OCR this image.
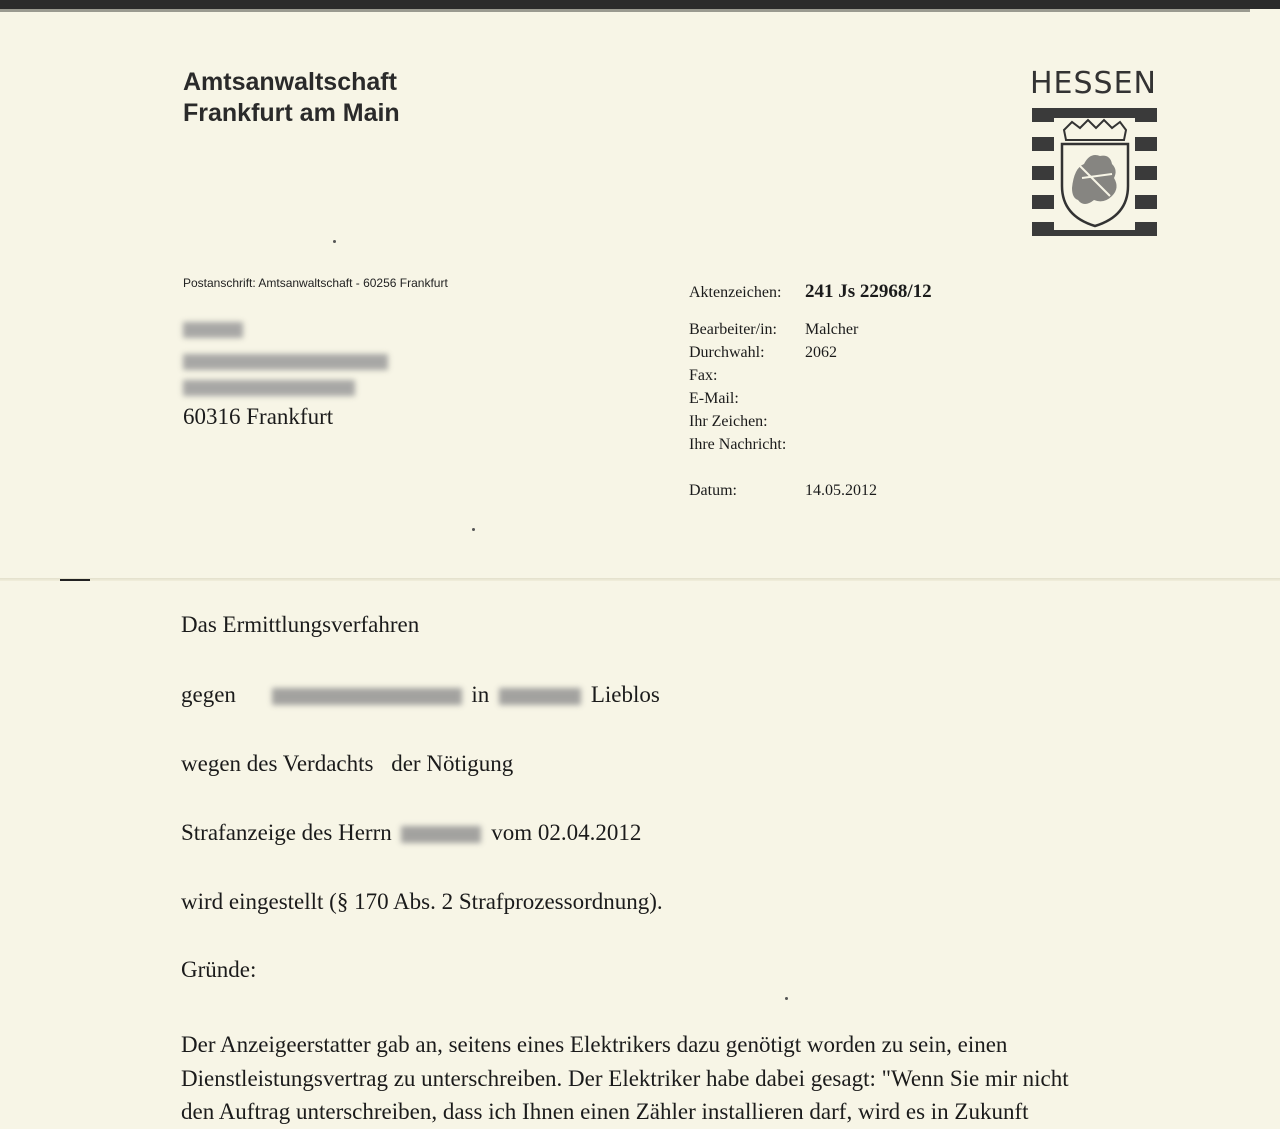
Amtsanwaltschaft
Frankfurt am Main
HESSEN
Postanschrift: Amtsanwaltschaft - 60256 Frankfurt
60316 Frankfurt
Aktenzeichen: 241 Js 22968/12
Bearbeiter/in: Malcher
Durchwahl:	2062
Fax:
E-Mail:
Ihr Zeichen:
Ihre Nachricht:
Datum:	14.05.2012
Das Ermittlungsverfahren
gegen	in	Lieblos
wegen des Verdachts der Nötigung
Strafanzeige des Herrn	vom 02.04.2012
wird eingestellt (§ 170 Abs. 2 Strafprozessordnung).
Gründe:
Der Anzeigeerstatter gab an, seitens eines Elektrikers dazu genötigt worden zu sein, einen
Dienstleistungsvertrag zu unterschreiben. Der Elektriker habe dabei gesagt: "Wenn Sie mir nicht
den Auftrag unterschreiben, dass ich Ihnen einen Zähler installieren darf, wird es in Zukunft
